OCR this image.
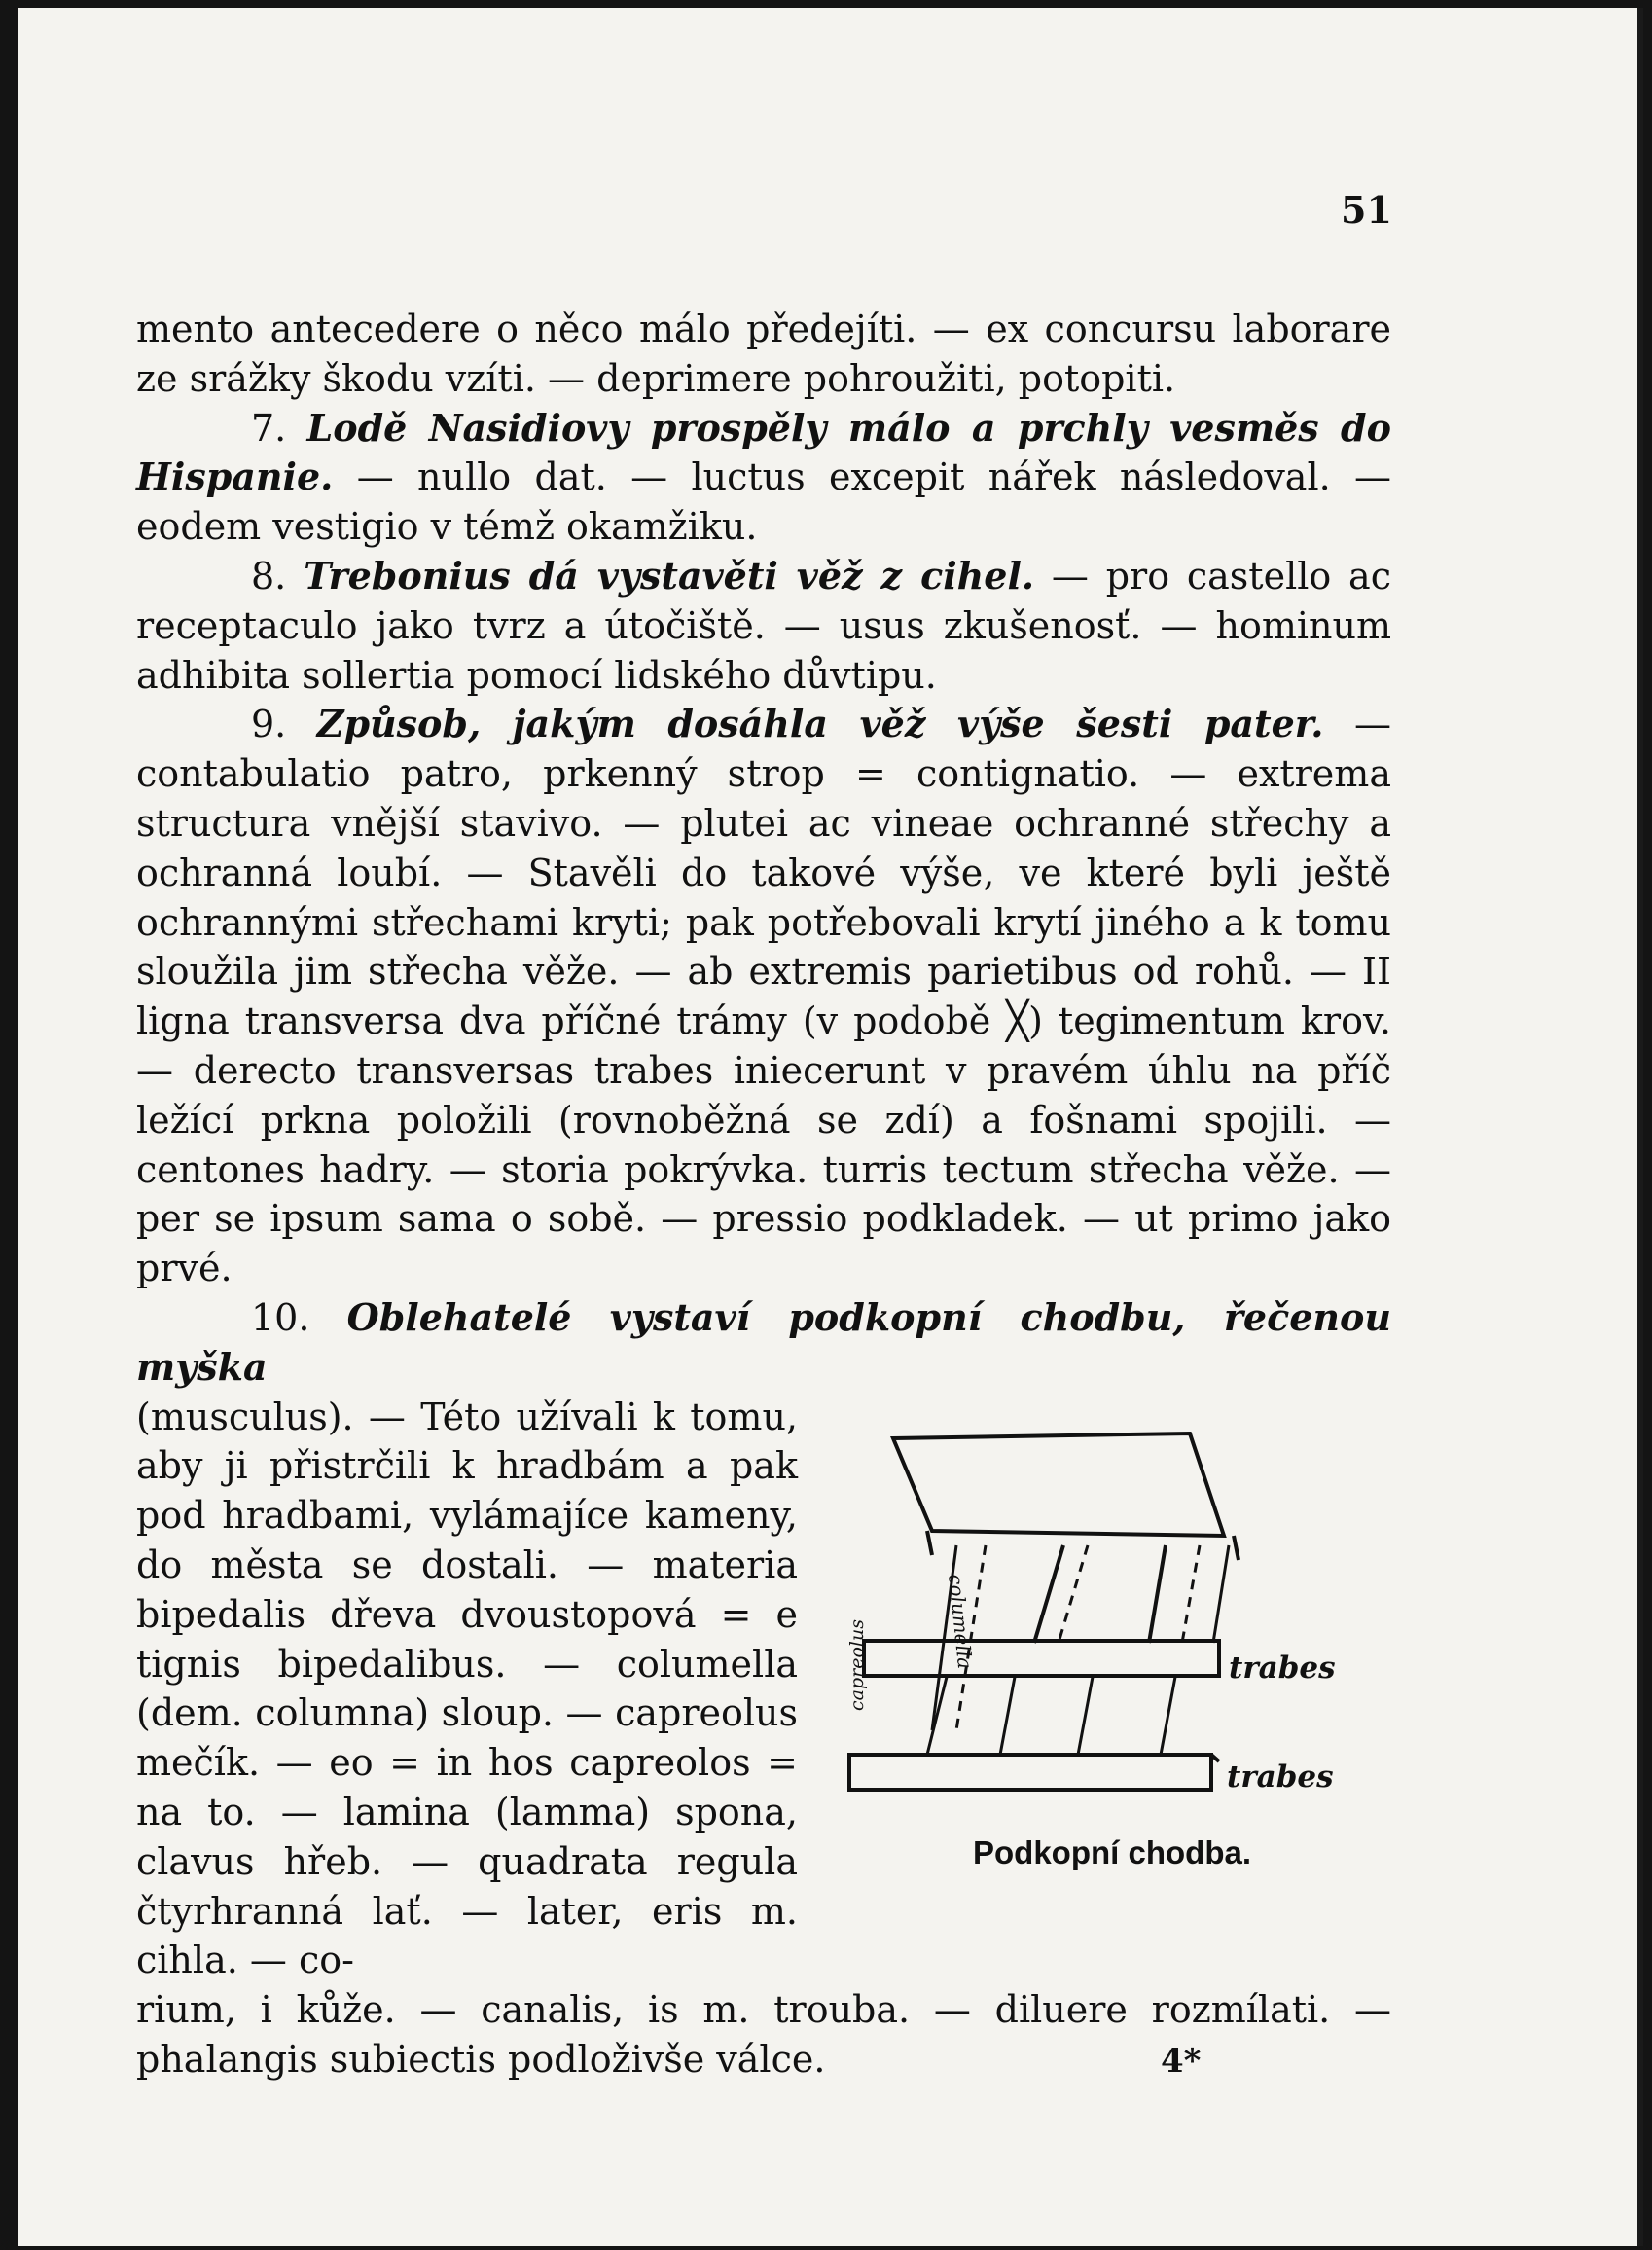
51

mento antecedere o něco málo předejíti. — ex concursu laborare ze srážky škodu vzíti. — deprimere pohroužiti, potopiti.

7. Lodě Nasidiovy prospěly málo a prchly vesměs do Hispanie. — nullo dat. — luctus excepit nářek následoval. — eodem vestigio v témž okamžiku.

8. Trebonius dá vystavěti věž z cihel. — pro castello ac receptaculo jako tvrz a útočiště. — usus zkušenosť. — hominum adhibita sollertia pomocí lidského důvtipu.

9. Způsob, jakým dosáhla věž výše šesti pater. — contabulatio patro, prkenný strop = contignatio. — extrema structura vnější stavivo. — plutei ac vineae ochranné střechy a ochranná loubí. — Stavěli do takové výše, ve které byli ještě ochrannými střechami kryti; pak potřebovali krytí jiného a k tomu sloužila jim střecha věže. — ab extremis parietibus od rohů. — II ligna transversa dva příčné trámy (v podobě ╳) tegimentum krov. — derecto transversas trabes iniecerunt v pravém úhlu na příč ležící prkna položili (rovnoběžná se zdí) a fošnami spojili. — centones hadry. — storia pokrývka. turris tectum střecha věže. — per se ipsum sama o sobě. — pressio podkladek. — ut primo jako prvé.

10. Oblehatelé vystaví podkopní chodbu, řečenou myška

(musculus). — Této užívali k tomu, aby ji přistrčili k hradbám a pak pod hradbami, vylámajíce kameny, do města se dostali. — materia bipedalis dřeva dvoustopová = e tignis bipedalibus. — columella (dem. columna) sloup. — capreolus mečík. — eo = in hos capreolos = na to. — lamina (lamma) spona, clavus hřeb. — quadrata regula čtyrhranná lať. — later, eris m. cihla. — co-

rium, i kůže. — canalis, is m. trouba. — diluere rozmílati. — phalangis subiectis podloživše válce.

trabes
trabes
columella
capreolus
Podkopní chodba.
4*
